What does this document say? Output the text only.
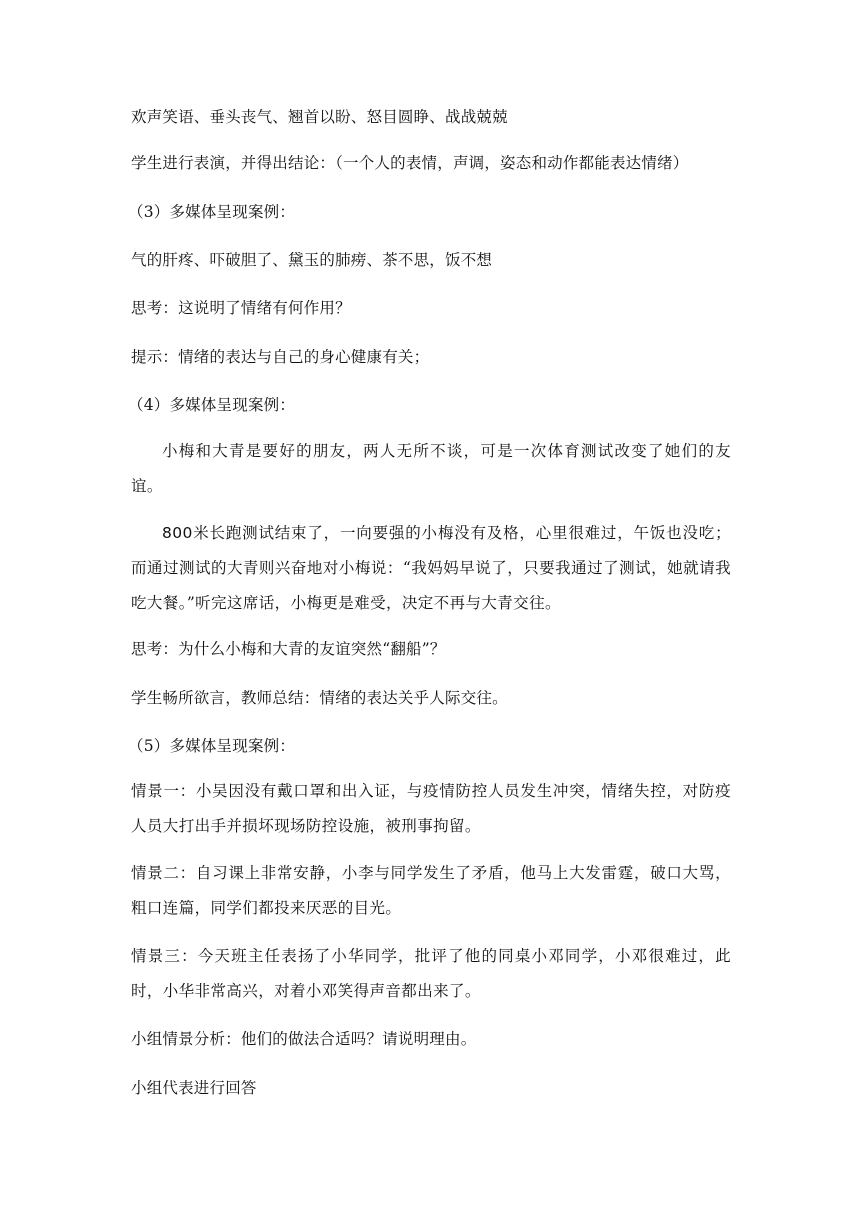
欢声笑语、垂头丧气、翘首以盼、怒目圆睁、战战兢兢
学生进行表演，并得出结论：（一个人的表情，声调，姿态和动作都能表达情绪）
（3）多媒体呈现案例：
气的肝疼、吓破胆了、黛玉的肺痨、茶不思，饭不想
思考：这说明了情绪有何作用？
提示：情绪的表达与自己的身心健康有关；
（4）多媒体呈现案例：
小梅和大青是要好的朋友，两人无所不谈，可是一次体育测试改变了她们的友谊。
800米长跑测试结束了，一向要强的小梅没有及格，心里很难过，午饭也没吃；而通过测试的大青则兴奋地对小梅说：“我妈妈早说了，只要我通过了测试，她就请我吃大餐。”听完这席话，小梅更是难受，决定不再与大青交往。
思考：为什么小梅和大青的友谊突然“翻船”？
学生畅所欲言，教师总结：情绪的表达关乎人际交往。
（5）多媒体呈现案例：
情景一：小吴因没有戴口罩和出入证，与疫情防控人员发生冲突，情绪失控，对防疫人员大打出手并损坏现场防控设施，被刑事拘留。
情景二：自习课上非常安静，小李与同学发生了矛盾，他马上大发雷霆，破口大骂，粗口连篇，同学们都投来厌恶的目光。
情景三：今天班主任表扬了小华同学，批评了他的同桌小邓同学，小邓很难过，此时，小华非常高兴，对着小邓笑得声音都出来了。
小组情景分析：他们的做法合适吗？请说明理由。
小组代表进行回答
